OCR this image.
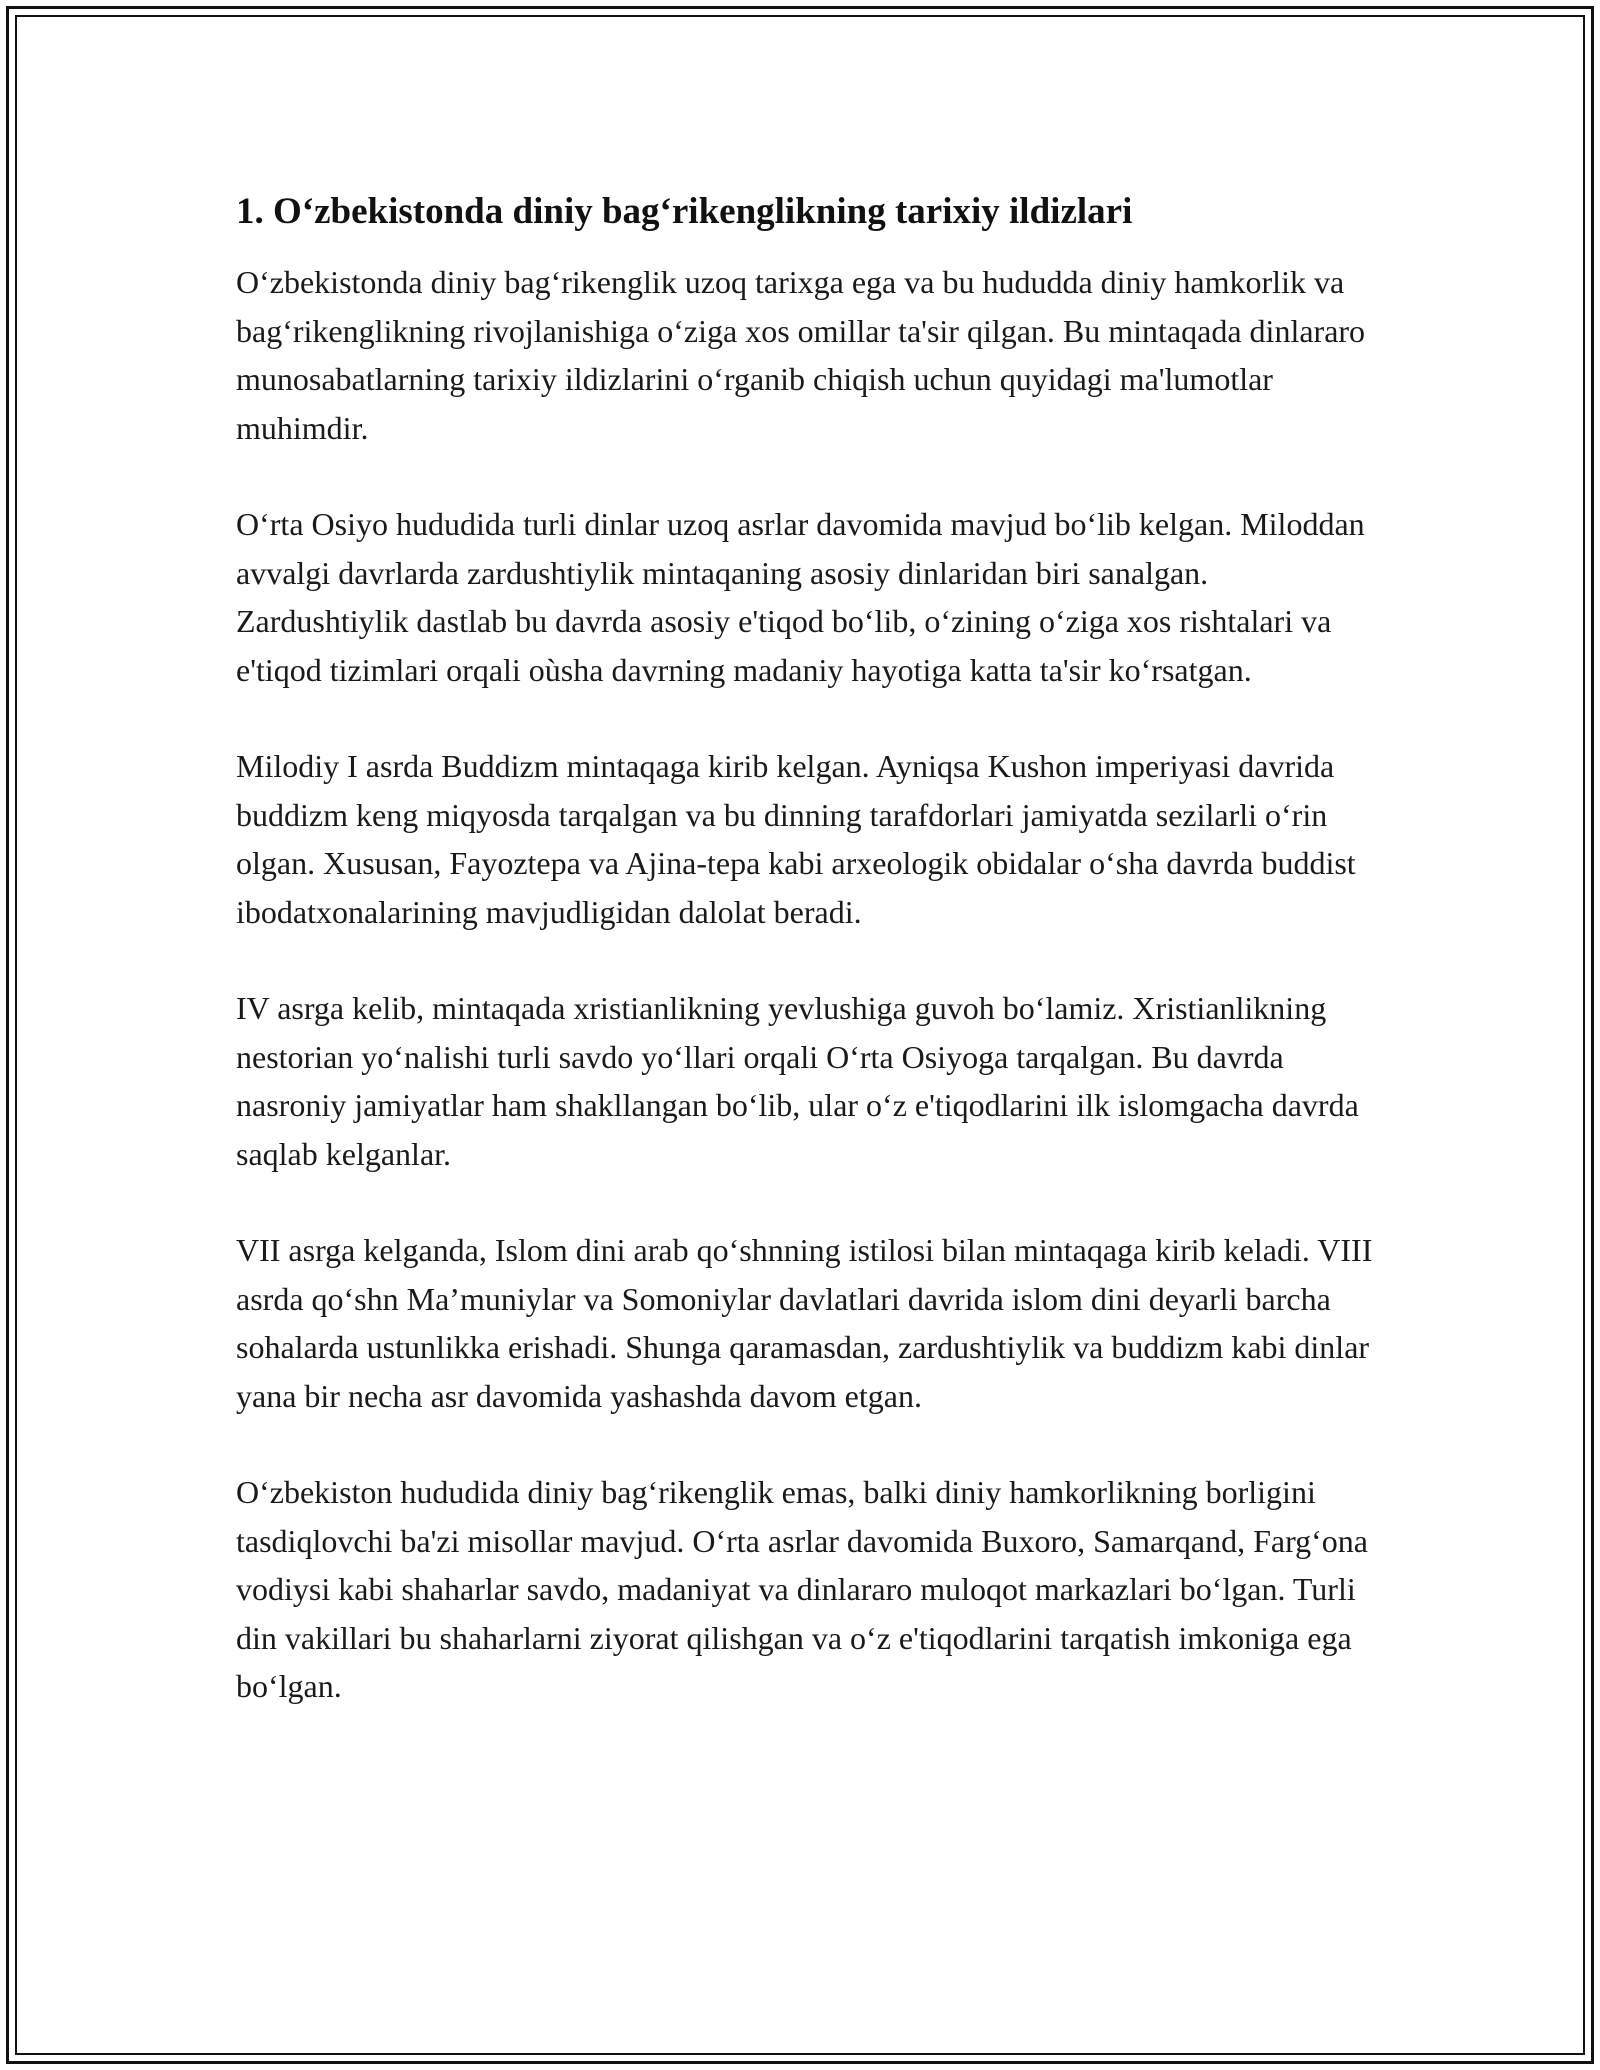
1. O‘zbekistonda diniy bag‘rikenglikning tarixiy ildizlari

O‘zbekistonda diniy bag‘rikenglik uzoq tarixga ega va bu hududda diniy hamkorlik va bag‘rikenglikning rivojlanishiga o‘ziga xos omillar ta'sir qilgan. Bu mintaqada dinlararo munosabatlarning tarixiy ildizlarini o‘rganib chiqish uchun quyidagi ma'lumotlar muhimdir.

O‘rta Osiyo hududida turli dinlar uzoq asrlar davomida mavjud bo‘lib kelgan. Miloddan avvalgi davrlarda zardushtiylik mintaqaning asosiy dinlaridan biri sanalgan. Zardushtiylik dastlab bu davrda asosiy e'tiqod bo‘lib, o‘zining o‘ziga xos rishtalari va e'tiqod tizimlari orqali oùsha davrning madaniy hayotiga katta ta'sir ko‘rsatgan.

Milodiy I asrda Buddizm mintaqaga kirib kelgan. Ayniqsa Kushon imperiyasi davrida buddizm keng miqyosda tarqalgan va bu dinning tarafdorlari jamiyatda sezilarli o‘rin olgan. Xususan, Fayoztepa va Ajina-tepa kabi arxeologik obidalar o‘sha davrda buddist ibodatxonalarining mavjudligidan dalolat beradi.

IV asrga kelib, mintaqada xristianlikning yevlushiga guvoh bo‘lamiz. Xristianlikning nestorian yo‘nalishi turli savdo yo‘llari orqali O‘rta Osiyoga tarqalgan. Bu davrda nasroniy jamiyatlar ham shakllangan bo‘lib, ular o‘z e'tiqodlarini ilk islomgacha davrda saqlab kelganlar.

VII asrga kelganda, Islom dini arab qo‘shnning istilosi bilan mintaqaga kirib keladi. VIII asrda qo‘shn Ma’muniylar va Somoniylar davlatlari davrida islom dini deyarli barcha sohalarda ustunlikka erishadi. Shunga qaramasdan, zardushtiylik va buddizm kabi dinlar yana bir necha asr davomida yashashda davom etgan.

O‘zbekiston hududida diniy bag‘rikenglik emas, balki diniy hamkorlikning borligini tasdiqlovchi ba'zi misollar mavjud. O‘rta asrlar davomida Buxoro, Samarqand, Farg‘ona vodiysi kabi shaharlar savdo, madaniyat va dinlararo muloqot markazlari bo‘lgan. Turli din vakillari bu shaharlarni ziyorat qilishgan va o‘z e'tiqodlarini tarqatish imkoniga ega bo‘lgan.
